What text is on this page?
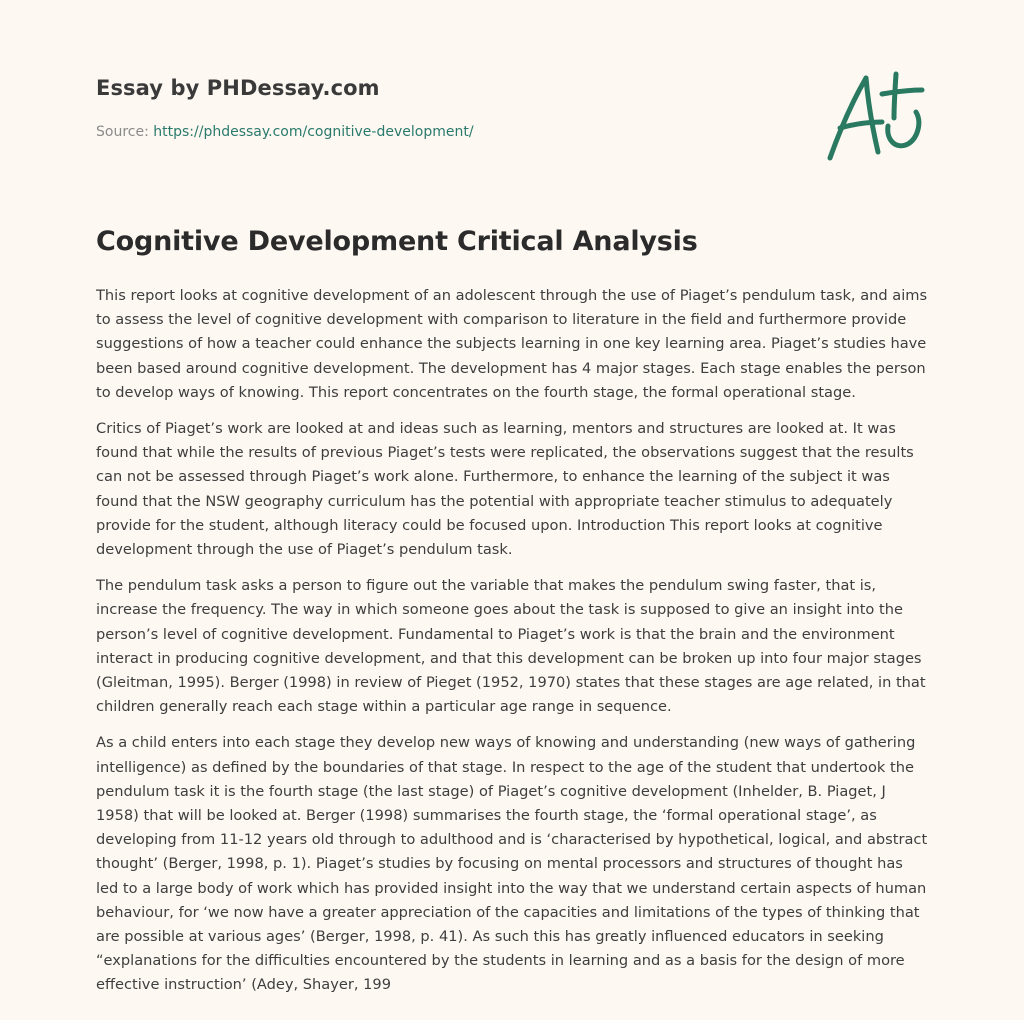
Essay by PHDessay.com
Source: https://phdessay.com/cognitive-development/
Cognitive Development Critical Analysis

This report looks at cognitive development of an adolescent through the use of Piaget’s pendulum task, and aims to assess the level of cognitive development with comparison to literature in the field and furthermore provide suggestions of how a teacher could enhance the subjects learning in one key learning area. Piaget’s studies have been based around cognitive development. The development has 4 major stages. Each stage enables the person to develop ways of knowing. This report concentrates on the fourth stage, the formal operational stage.

Critics of Piaget’s work are looked at and ideas such as learning, mentors and structures are looked at. It was found that while the results of previous Piaget’s tests were replicated, the observations suggest that the results can not be assessed through Piaget’s work alone. Furthermore, to enhance the learning of the subject it was found that the NSW geography curriculum has the potential with appropriate teacher stimulus to adequately provide for the student, although literacy could be focused upon. Introduction This report looks at cognitive development through the use of Piaget’s pendulum task.

The pendulum task asks a person to figure out the variable that makes the pendulum swing faster, that is, increase the frequency. The way in which someone goes about the task is supposed to give an insight into the person’s level of cognitive development. Fundamental to Piaget’s work is that the brain and the environment interact in producing cognitive development, and that this development can be broken up into four major stages (Gleitman, 1995). Berger (1998) in review of Pieget (1952, 1970) states that these stages are age related, in that children generally reach each stage within a particular age range in sequence.

As a child enters into each stage they develop new ways of knowing and understanding (new ways of gathering intelligence) as defined by the boundaries of that stage. In respect to the age of the student that undertook the pendulum task it is the fourth stage (the last stage) of Piaget’s cognitive development (Inhelder, B. Piaget, J 1958) that will be looked at. Berger (1998) summarises the fourth stage, the ‘formal operational stage’, as developing from 11-12 years old through to adulthood and is ‘characterised by hypothetical, logical, and abstract thought’ (Berger, 1998, p. 1). Piaget’s studies by focusing on mental processors and structures of thought has led to a large body of work which has provided insight into the way that we understand certain aspects of human behaviour, for ‘we now have a greater appreciation of the capacities and limitations of the types of thinking that are possible at various ages’ (Berger, 1998, p. 41). As such this has greatly influenced educators in seeking “explanations for the difficulties encountered by the students in learning and as a basis for the design of more effective instruction’ (Adey, Shayer, 199
